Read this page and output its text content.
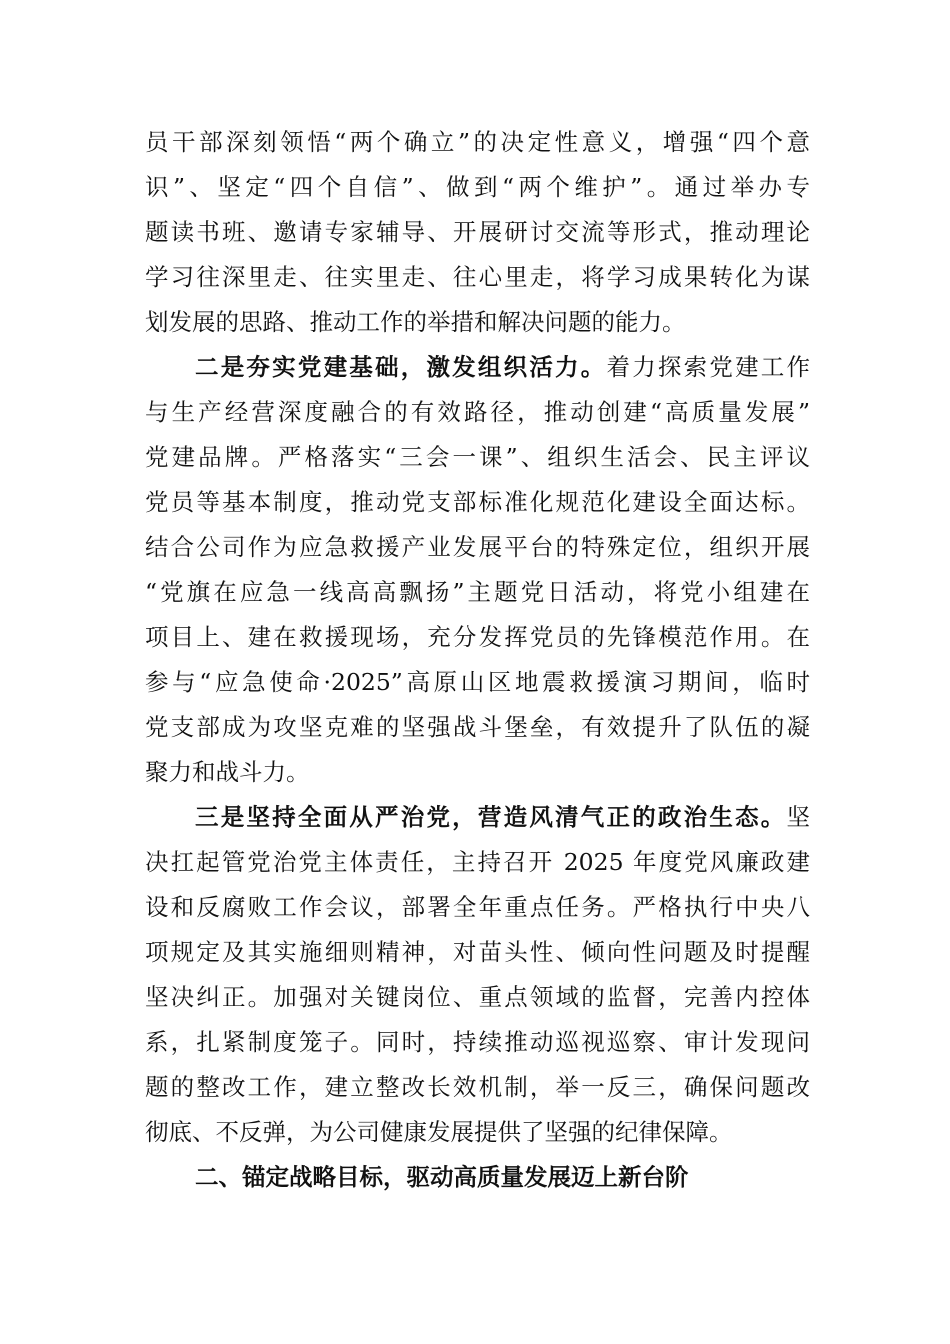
员干部深刻领悟“两个确立”的决定性意义，增强“四个意
识”、坚定“四个自信”、做到“两个维护”。通过举办专
题读书班、邀请专家辅导、开展研讨交流等形式，推动理论
学习往深里走、往实里走、往心里走，将学习成果转化为谋
划发展的思路、推动工作的举措和解决问题的能力。
二是夯实党建基础，激发组织活力。着力探索党建工作
与生产经营深度融合的有效路径，推动创建“高质量发展”
党建品牌。严格落实“三会一课”、组织生活会、民主评议
党员等基本制度，推动党支部标准化规范化建设全面达标。
结合公司作为应急救援产业发展平台的特殊定位，组织开展
“党旗在应急一线高高飘扬”主题党日活动，将党小组建在
项目上、建在救援现场，充分发挥党员的先锋模范作用。在
参与“应急使命·2025”高原山区地震救援演习期间，临时
党支部成为攻坚克难的坚强战斗堡垒，有效提升了队伍的凝
聚力和战斗力。
三是坚持全面从严治党，营造风清气正的政治生态。坚
决扛起管党治党主体责任，主持召开 2025 年度党风廉政建
设和反腐败工作会议，部署全年重点任务。严格执行中央八
项规定及其实施细则精神，对苗头性、倾向性问题及时提醒
坚决纠正。加强对关键岗位、重点领域的监督，完善内控体
系，扎紧制度笼子。同时，持续推动巡视巡察、审计发现问
题的整改工作，建立整改长效机制，举一反三，确保问题改
彻底、不反弹，为公司健康发展提供了坚强的纪律保障。
二、锚定战略目标，驱动高质量发展迈上新台阶
